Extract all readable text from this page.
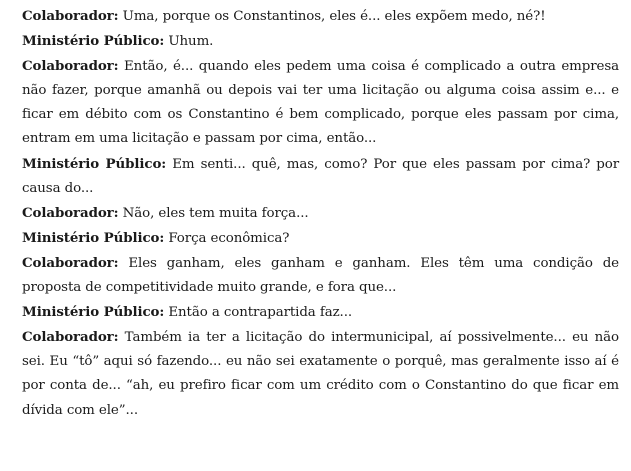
Colaborador: Uma, porque os Constantinos, eles é... eles expõem medo, né?!

Ministério Público: Uhum.

Colaborador: Então, é... quando eles pedem uma coisa é complicado a outra empresa não fazer, porque amanhã ou depois vai ter uma licitação ou alguma coisa assim e... e ficar em débito com os Constantino é bem complicado, porque eles passam por cima, entram em uma licitação e passam por cima, então...

Ministério Público: Em senti... quê, mas, como? Por que eles passam por cima? por causa do...

Colaborador: Não, eles tem muita força...

Ministério Público: Força econômica?

Colaborador: Eles ganham, eles ganham e ganham. Eles têm uma condição de proposta de competitividade muito grande, e fora que...

Ministério Público: Então a contrapartida faz...

Colaborador: Também ia ter a licitação do intermunicipal, aí possivelmente... eu não sei. Eu “tô” aqui só fazendo... eu não sei exatamente o porquê, mas geralmente isso aí é por conta de... “ah, eu prefiro ficar com um crédito com o Constantino do que ficar em dívida com ele”...
